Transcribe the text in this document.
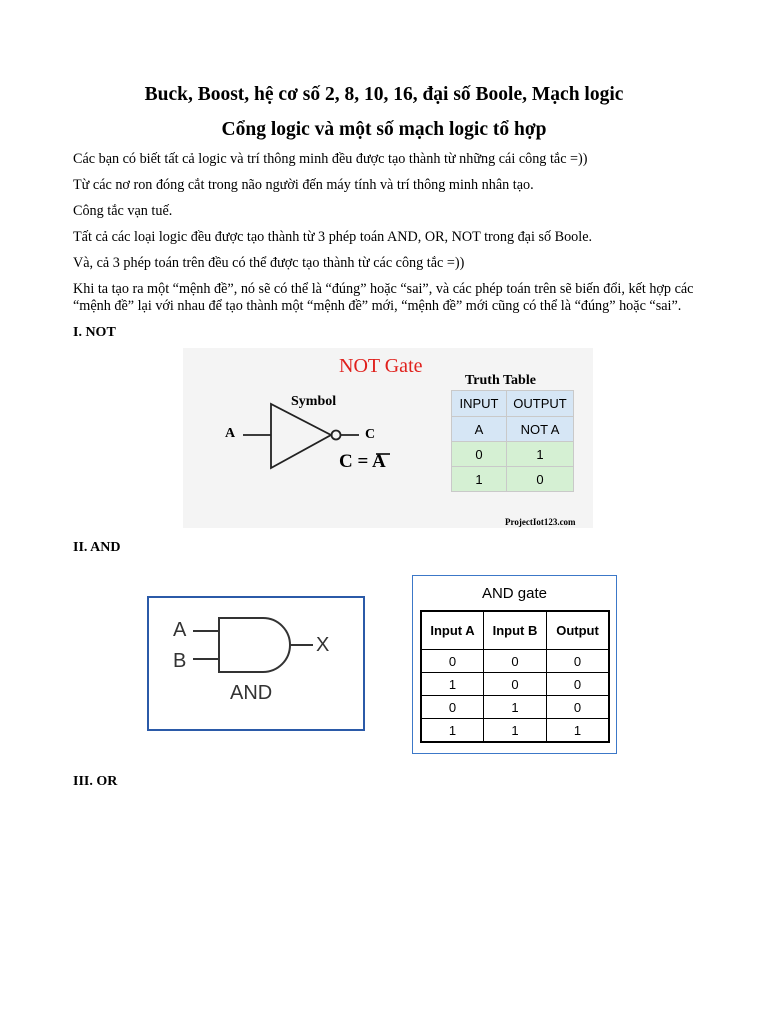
Buck, Boost, hệ cơ số 2, 8, 10, 16, đại số Boole, Mạch logic
Cổng logic và một số mạch logic tổ hợp
Các bạn có biết tất cả logic và trí thông minh đều được tạo thành từ những cái công tắc =))
Từ các nơ ron đóng cắt trong não người đến máy tính và trí thông minh nhân tạo.
Công tắc vạn tuế.
Tất cả các loại logic đều được tạo thành từ 3 phép toán AND, OR, NOT trong đại số Boole.
Và, cả 3 phép toán trên đều có thể được tạo thành từ các công tắc =))
Khi ta tạo ra một “mệnh đề”, nó sẽ có thể là “đúng” hoặc “sai”, và các phép toán trên sẽ biến đổi, kết hợp các
“mệnh đề” lại với nhau để tạo thành một “mệnh đề” mới, “mệnh đề” mới cũng có thể là “đúng” hoặc “sai”.
I. NOT
NOT Gate
Truth Table
Symbol
A	C
C = A
INPUT	OUTPUT
A	NOT A
0	1
1	0
ProjectIot123.com
II. AND
A
B
X
AND
AND gate
Input A	Input B	Output
0	0	0
1	0	0
0	1	0
1	1	1
III. OR
